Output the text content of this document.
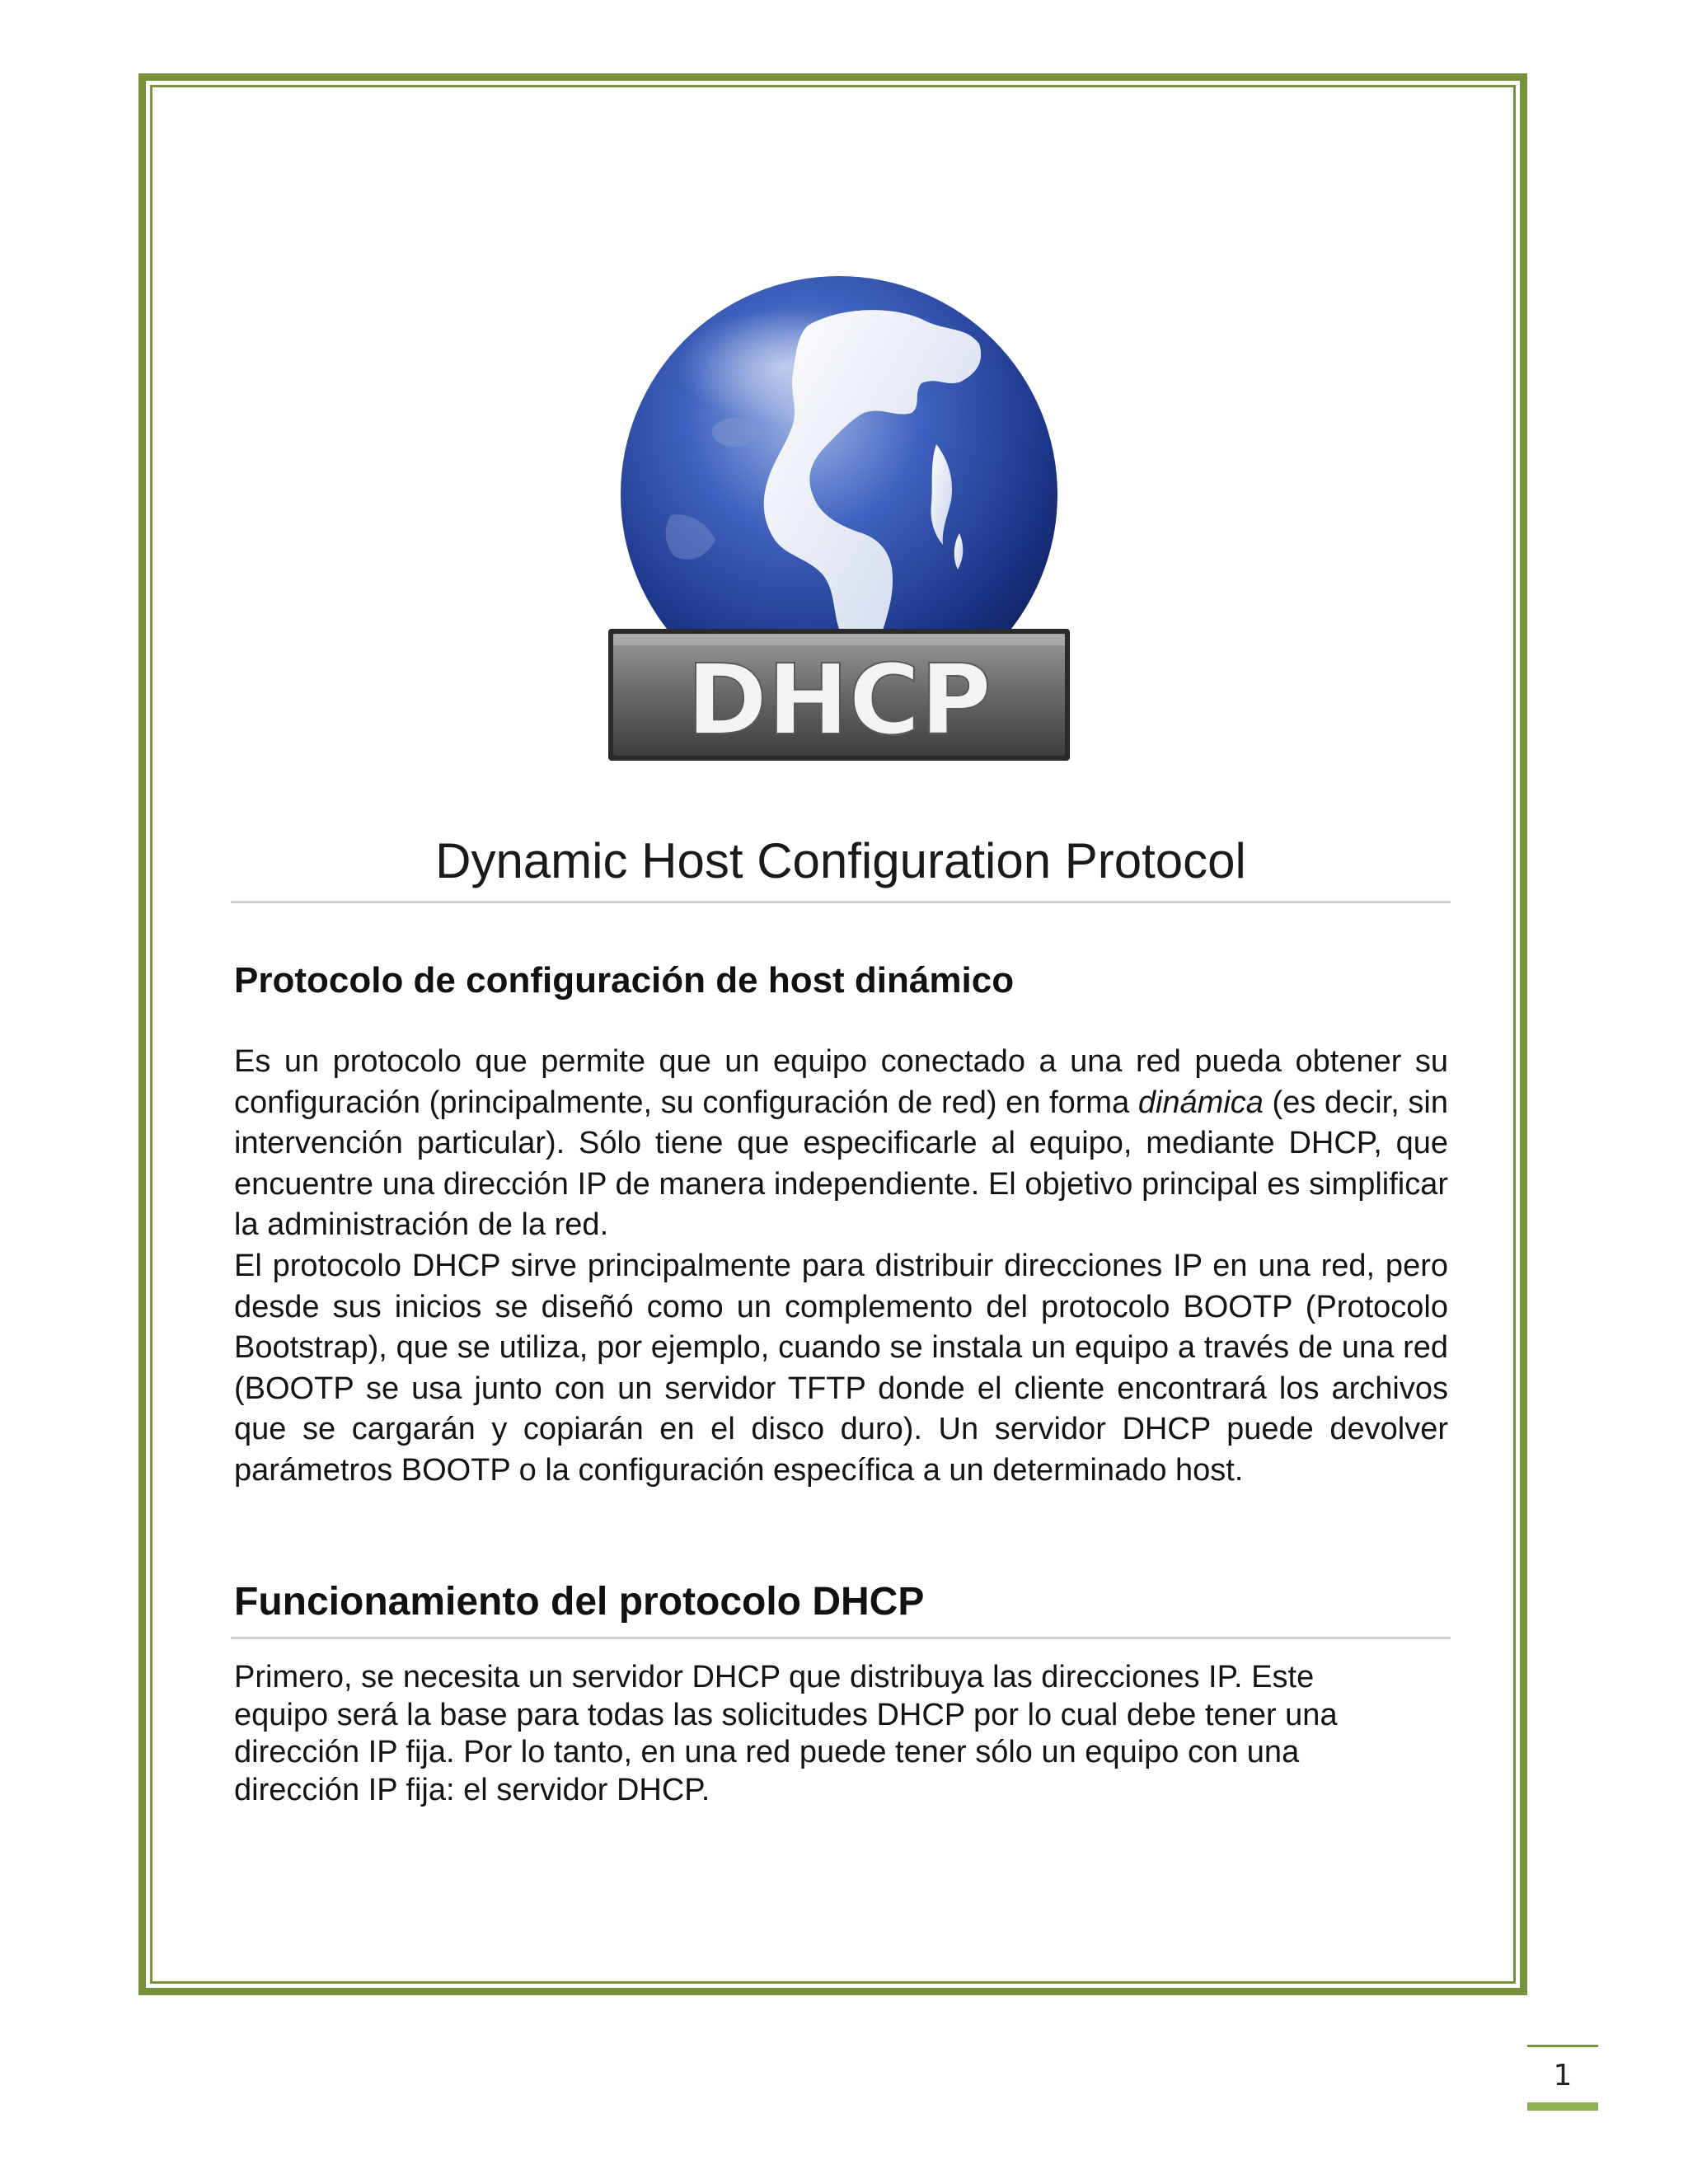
DHCP
Dynamic Host Configuration Protocol
Protocolo de configuración de host dinámico

Es un protocolo que permite que un equipo conectado a una red pueda obtener su configuración (principalmente, su configuración de red) en forma dinámica (es decir, sin intervención particular). Sólo tiene que especificarle al equipo, mediante DHCP, que encuentre una dirección IP de manera independiente. El objetivo principal es simplificar la administración de la red.

El protocolo DHCP sirve principalmente para distribuir direcciones IP en una red, pero desde sus inicios se diseñó como un complemento del protocolo BOOTP (Protocolo Bootstrap), que se utiliza, por ejemplo, cuando se instala un equipo a través de una red (BOOTP se usa junto con un servidor TFTP donde el cliente encontrará los archivos que se cargarán y copiarán en el disco duro). Un servidor DHCP puede devolver parámetros BOOTP o la configuración específica a un determinado host.

Funcionamiento del protocolo DHCP
Primero, se necesita un servidor DHCP que distribuya las direcciones IP. Este
equipo será la base para todas las solicitudes DHCP por lo cual debe tener una
dirección IP fija. Por lo tanto, en una red puede tener sólo un equipo con una
dirección IP fija: el servidor DHCP.
1
